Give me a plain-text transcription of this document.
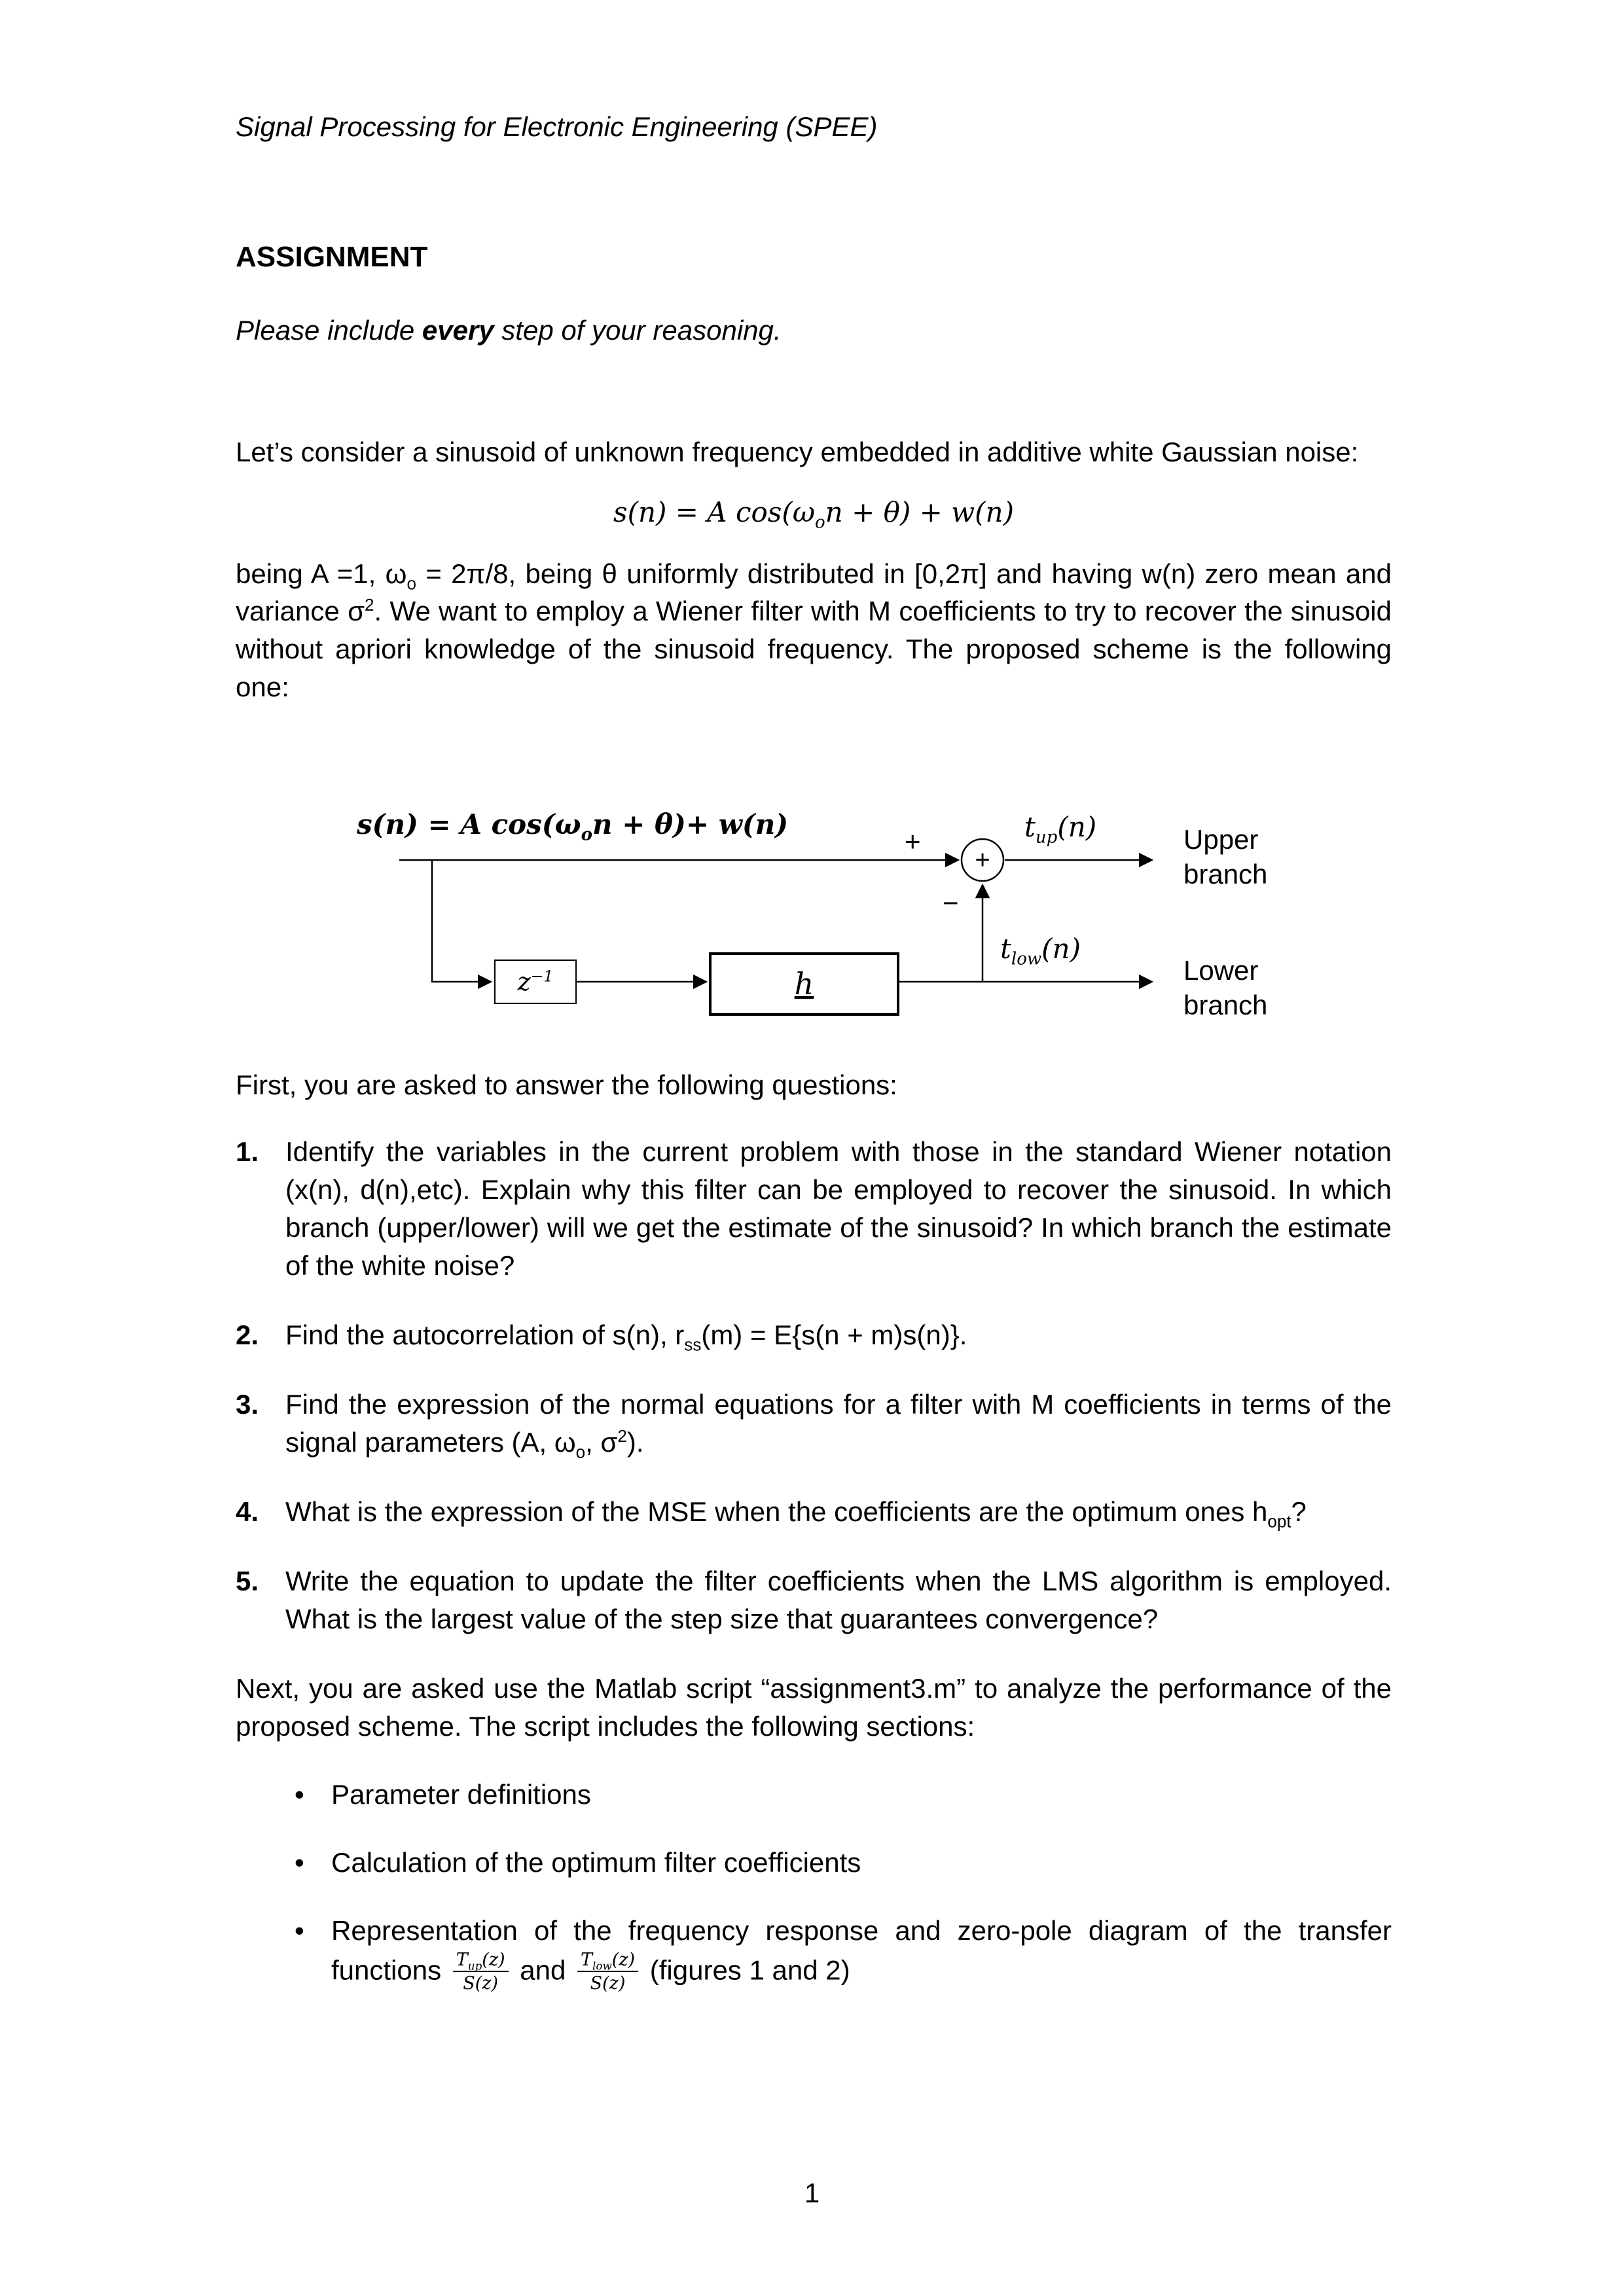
Signal Processing for Electronic Engineering (SPEE)
ASSIGNMENT

Please include every step of your reasoning.

Let’s consider a sinusoid of unknown frequency embedded in additive white Gaussian noise:

s(n) = A $\cos(\omega_on + \theta) + w(n)$

being A =1, $\omega_o = 2\pi/8$, being θ uniformly distributed in [0,2π] and having w(n) zero mean and variance $\sigma^2$. We want to employ a Wiener filter with M coefficients to try to recover the sinusoid without apriori knowledge of the sinusoid frequency. The proposed scheme is the following one:

s(n) = A $\cos(\omega_on + \theta)+ w(n)$
+
+
−
$t_{up}(n)$	Upper branch
$t_{low}(n)$
Lower branch
$z^{-1}$	h

First, you are asked to answer the following questions:

1. Identify the variables in the current problem with those in the standard Wiener notation (x(n), d(n),etc). Explain why this filter can be employed to recover the sinusoid. In which branch (upper/lower) will we get the estimate of the sinusoid? In which branch the estimate of the white noise?
2. Find the autocorrelation of s(n), $r_{ss}(m) = E\{s(n + m)s(n)\}$.
3. Find the expression of the normal equations for a filter with M coefficients in terms of the signal parameters (A, $\omega_o$, $\sigma^2$).
4. What is the expression of the MSE when the coefficients are the optimum ones $h_{opt}$?
5. Write the equation to update the filter coefficients when the LMS algorithm is employed. What is the largest value of the step size that guarantees convergence?

Next, you are asked use the Matlab script “assignment3.m” to analyze the performance of the proposed scheme. The script includes the following sections:

• Parameter definitions
• Calculation of the optimum filter coefficients
• Representation of the frequency response and zero-pole diagram of the transfer functions $\frac{T_{up}(z)}{S(z)}$ and $\frac{T_{low}(z)}{S(z)}$ (figures 1 and 2)
1
